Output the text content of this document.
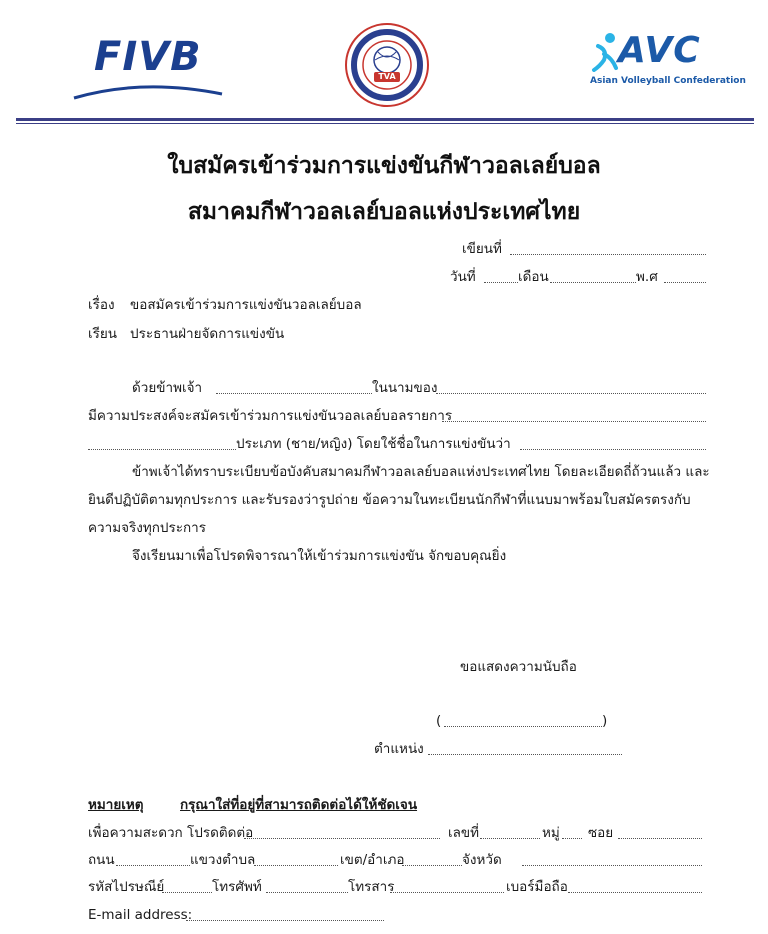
FIVB	TVA
AVC
Asian Volleyball Confederation
ใบสมัครเข้าร่วมการแข่งขันกีฬาวอลเลย์บอล
สมาคมกีฬาวอลเลย์บอลแห่งประเทศไทย
เขียนที่
วันที่	เดือน	พ.ศ
เรื่อง ขอสมัครเข้าร่วมการแข่งขันวอลเลย์บอล
เรียน ประธานฝ่ายจัดการแข่งขัน
ด้วยข้าพเจ้า	ในนามของ
มีความประสงค์จะสมัครเข้าร่วมการแข่งขันวอลเลย์บอลรายการ
ประเภท (ชาย/หญิง) โดยใช้ชื่อในการแข่งขันว่า
ข้าพเจ้าได้ทราบระเบียบข้อบังคับสมาคมกีฬาวอลเลย์บอลแห่งประเทศไทย โดยละเอียดถี่ถ้วนแล้ว และ
ยินดีปฏิบัติตามทุกประการ และรับรองว่ารูปถ่าย ข้อความในทะเบียนนักกีฬาที่แนบมาพร้อมใบสมัครตรงกับ
ความจริงทุกประการ
จึงเรียนมาเพื่อโปรดพิจารณาให้เข้าร่วมการแข่งขัน จักขอบคุณยิ่ง
ขอแสดงความนับถือ
(	)
ตำแหน่ง
หมายเหตุ	กรุณาใส่ที่อยู่ที่สามารถติดต่อได้ให้ชัดเจน
เพื่อความสะดวก โปรดติดต่อ	เลขที่	หมู่ ซอย
ถนน	แขวงตำบล	เขต/อำเภอ	จังหวัด
รหัสไปรษณีย์	โทรศัพท์	โทรสาร	เบอร์มือถือ
E-mail address:
